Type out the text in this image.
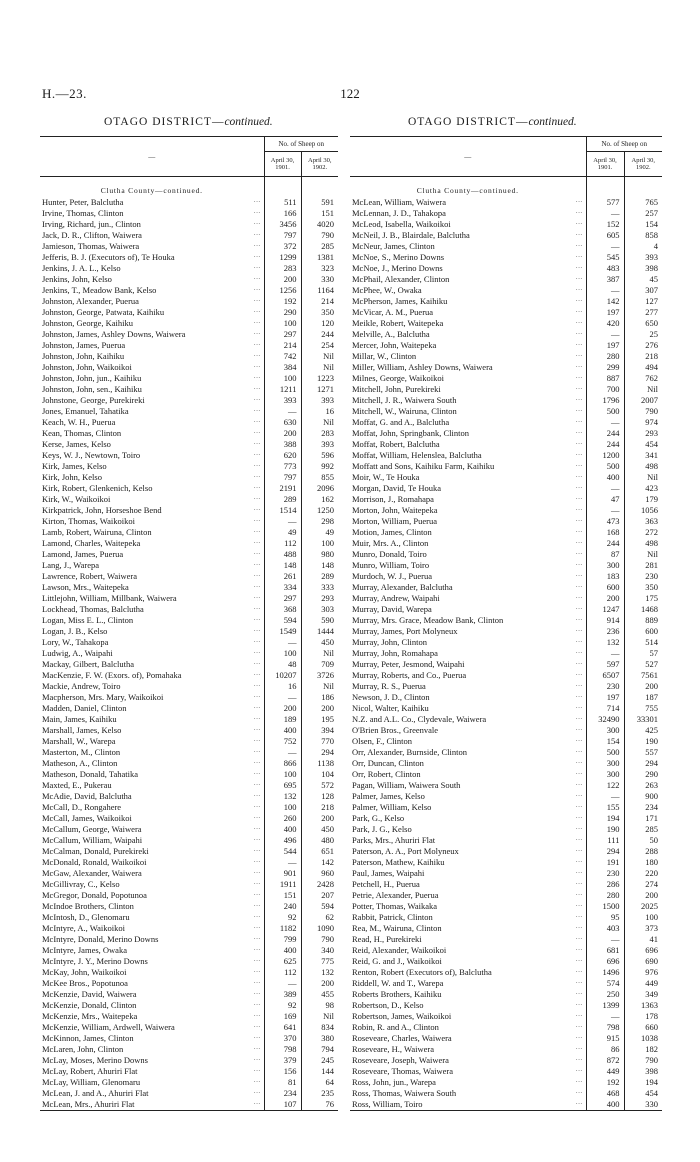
H.—23.	122
OTAGO DISTRICT—continued.	OTAGO DISTRICT—continued.
—		No. of Sheep on	
		April 30, 1901.	April 30, 1902.
Clutha County—continued.			
Hunter, Peter, Balclutha	···	511	591
Irvine, Thomas, Clinton	···	166	151
Irving, Richard, jun., Clinton	···	3456	4020
Jack, D. R., Clifton, Waiwera	···	797	790
Jamieson, Thomas, Waiwera	···	372	285
Jefferis, B. J. (Executors of), Te Houka	···	1299	1381
Jenkins, J. A. L., Kelso	···	283	323
Jenkins, John, Kelso	···	200	330
Jenkins, T., Meadow Bank, Kelso	···	1256	1164
Johnston, Alexander, Puerua	···	192	214
Johnston, George, Patwata, Kaihiku	···	290	350
Johnston, George, Kaihiku	···	100	120
Johnston, James, Ashley Downs, Waiwera	···	297	244
Johnston, James, Puerua	···	214	254
Johnston, John, Kaihiku	···	742	Nil
Johnston, John, Waikoikoi	···	384	Nil
Johnston, John, jun., Kaihiku	···	100	1223
Johnston, John, sen., Kaihiku	···	1211	1271
Johnstone, George, Purekireki	···	393	393
Jones, Emanuel, Tahatika	···	—	16
Keach, W. H., Puerua	···	630	Nil
Kean, Thomas, Clinton	···	200	283
Kerse, James, Kelso	···	388	393
Keys, W. J., Newtown, Toiro	···	620	596
Kirk, James, Kelso	···	773	992
Kirk, John, Kelso	···	797	855
Kirk, Robert, Glenkenich, Kelso	···	2191	2096
Kirk, W., Waikoikoi	···	289	162
Kirkpatrick, John, Horseshoe Bend	···	1514	1250
Kirton, Thomas, Waikoikoi	···	—	298
Lamb, Robert, Wairuna, Clinton	···	49	49
Lamond, Charles, Waitepeka	···	112	100
Lamond, James, Puerua	···	488	980
Lang, J., Warepa	···	148	148
Lawrence, Robert, Waiwera	···	261	289
Lawson, Mrs., Waitepeka	···	334	333
Littlejohn, William, Millbank, Waiwera	···	297	293
Lockhead, Thomas, Balclutha	···	368	303
Logan, Miss E. L., Clinton	···	594	590
Logan, J. B., Kelso	···	1549	1444
Lory, W., Tahakopa	···	—	450
Ludwig, A., Waipahi	···	100	Nil
Mackay, Gilbert, Balclutha	···	48	709
MacKenzie, F. W. (Exors. of), Pomahaka	···	10207	3726
Mackie, Andrew, Toiro	···	16	Nil
Macpherson, Mrs. Mary, Waikoikoi	···	—	186
Madden, Daniel, Clinton	···	200	200
Main, James, Kaihiku	···	189	195
Marshall, James, Kelso	···	400	394
Marshall, W., Warepa	···	752	770
Masterton, M., Clinton	···	—	294
Matheson, A., Clinton	···	866	1138
Matheson, Donald, Tahatika	···	100	104
Maxted, E., Pukerau	···	695	572
McAdie, David, Balclutha	···	132	128
McCall, D., Rongahere	···	100	218
McCall, James, Waikoikoi	···	260	200
McCallum, George, Waiwera	···	400	450
McCallum, William, Waipahi	···	496	480
McCalman, Donald, Purekireki	···	544	651
McDonald, Ronald, Waikoikoi	···	—	142
McGaw, Alexander, Waiwera	···	901	960
McGillivray, C., Kelso	···	1911	2428
McGregor, Donald, Popotunoa	···	151	207
McIndoe Brothers, Clinton	···	240	594
McIntosh, D., Glenomaru	···	92	62
McIntyre, A., Waikoikoi	···	1182	1090
McIntyre, Donald, Merino Downs	···	799	790
McIntyre, James, Owaka	···	400	340
McIntyre, J. Y., Merino Downs	···	625	775
McKay, John, Waikoikoi	···	112	132
McKee Bros., Popotunoa	···	—	200
McKenzie, David, Waiwera	···	389	455
McKenzie, Donald, Clinton	···	92	98
McKenzie, Mrs., Waitepeka	···	169	Nil
McKenzie, William, Ardwell, Waiwera	···	641	834
McKinnon, James, Clinton	···	370	380
McLaren, John, Clinton	···	798	794
McLay, Moses, Merino Downs	···	379	245
McLay, Robert, Ahuriri Flat	···	156	144
McLay, William, Glenomaru	···	81	64
McLean, J. and A., Ahuriri Flat	···	234	235
McLean, Mrs., Ahuriri Flat	···	107	76
—		No. of Sheep on	
		April 30, 1901.	April 30, 1902.
Clutha County—continued.			
McLean, William, Waiwera	···	577	765
McLennan, J. D., Tahakopa	···	—	257
McLeod, Isabella, Waikoikoi	···	152	154
McNeil, J. B., Blairdale, Balclutha	···	605	858
McNeur, James, Clinton	···	—	4
McNoe, S., Merino Downs	···	545	393
McNoe, J., Merino Downs	···	483	398
McPhail, Alexander, Clinton	···	387	45
McPhee, W., Owaka	···	—	307
McPherson, James, Kaihiku	···	142	127
McVicar, A. M., Puerua	···	197	277
Meikle, Robert, Waitepeka	···	420	650
Melville, A., Balclutha	···	—	25
Mercer, John, Waitepeka	···	197	276
Millar, W., Clinton	···	280	218
Miller, William, Ashley Downs, Waiwera	···	299	494
Milnes, George, Waikoikoi	···	887	762
Mitchell, John, Purekireki	···	700	Nil
Mitchell, J. R., Waiwera South	···	1796	2007
Mitchell, W., Wairuna, Clinton	···	500	790
Moffat, G. and A., Balclutha	···	—	974
Moffat, John, Springbank, Clinton	···	244	293
Moffat, Robert, Balclutha	···	244	454
Moffat, William, Helenslea, Balclutha	···	1200	341
Moffatt and Sons, Kaihiku Farm, Kaihiku	···	500	498
Moir, W., Te Houka	···	400	Nil
Morgan, David, Te Houka	···	—	423
Morrison, J., Romahapa	···	47	179
Morton, John, Waitepeka	···	—	1056
Morton, William, Puerua	···	473	363
Motion, James, Clinton	···	168	272
Muir, Mrs. A., Clinton	···	244	498
Munro, Donald, Toiro	···	87	Nil
Munro, William, Toiro	···	300	281
Murdoch, W. J., Puerua	···	183	230
Murray, Alexander, Balclutha	···	600	350
Murray, Andrew, Waipahi	···	200	175
Murray, David, Warepa	···	1247	1468
Murray, Mrs. Grace, Meadow Bank, Clinton	···	914	889
Murray, James, Port Molyneux	···	236	600
Murray, John, Clinton	···	132	514
Murray, John, Romahapa	···	—	57
Murray, Peter, Jesmond, Waipahi	···	597	527
Murray, Roberts, and Co., Puerua	···	6507	7561
Murray, R. S., Puerua	···	230	200
Newson, J. D., Clinton	···	197	187
Nicol, Walter, Kaihiku	···	714	755
N.Z. and A.L. Co., Clydevale, Waiwera	···	32490	33301
O'Brien Bros., Greenvale	···	300	425
Olsen, F., Clinton	···	154	190
Orr, Alexander, Burnside, Clinton	···	500	557
Orr, Duncan, Clinton	···	300	294
Orr, Robert, Clinton	···	300	290
Pagan, William, Waiwera South	···	122	263
Palmer, James, Kelso	···	—	900
Palmer, William, Kelso	···	155	234
Park, G., Kelso	···	194	171
Park, J. G., Kelso	···	190	285
Parks, Mrs., Ahuriri Flat	···	111	50
Paterson, A. A., Port Molyneux	···	294	288
Paterson, Mathew, Kaihiku	···	191	180
Paul, James, Waipahi	···	230	220
Petchell, H., Puerua	···	286	274
Petrie, Alexander, Puerua	···	280	200
Potter, Thomas, Waikaka	···	1500	2025
Rabbit, Patrick, Clinton	···	95	100
Rea, M., Wairuna, Clinton	···	403	373
Read, H., Purekireki	···	—	41
Reid, Alexander, Waikoikoi	···	681	696
Reid, G. and J., Waikoikoi	···	696	690
Renton, Robert (Executors of), Balclutha	···	1496	976
Riddell, W. and T., Warepa	···	574	449
Roberts Brothers, Kaihiku	···	250	349
Robertson, D., Kelso	···	1399	1363
Robertson, James, Waikoikoi	···	—	178
Robin, R. and A., Clinton	···	798	660
Roseveare, Charles, Waiwera	···	915	1038
Roseveare, H., Waiwera	···	86	182
Roseveare, Joseph, Waiwera	···	872	790
Roseveare, Thomas, Waiwera	···	449	398
Ross, John, jun., Warepa	···	192	194
Ross, Thomas, Waiwera South	···	468	454
Ross, William, Toiro	···	400	330
